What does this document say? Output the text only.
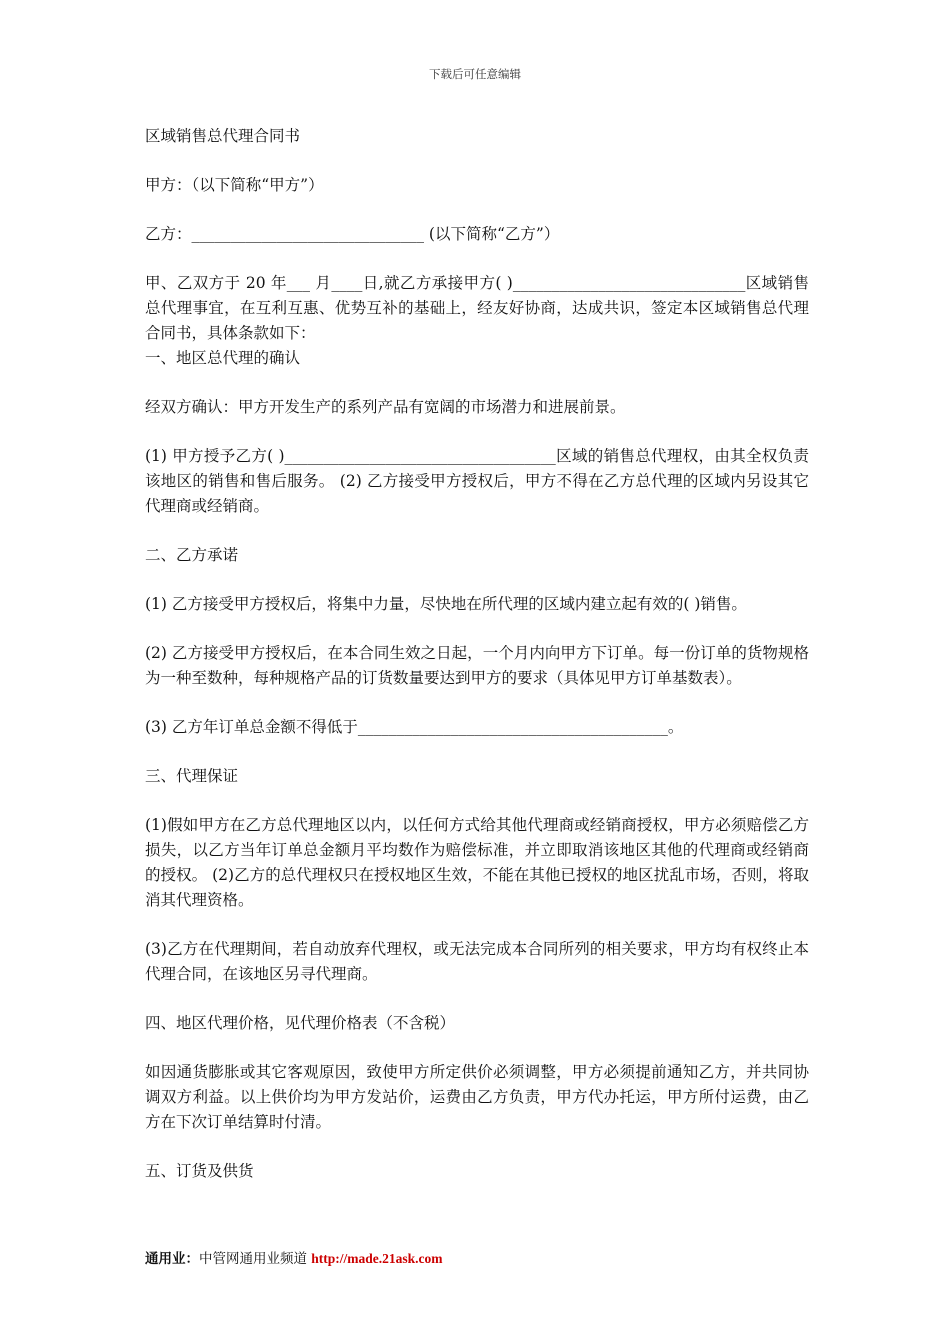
下载后可任意编辑

区域销售总代理合同书

甲方：（以下简称“甲方”）

乙方：______________________________ (以下简称“乙方”）

甲、乙双方于 20 年___ 月____日,就乙方承接甲方( )______________________________区域销售总代理事宜，在互利互惠、优势互补的基础上，经友好协商，达成共识，签定本区域销售总代理合同书，具体条款如下：

一、地区总代理的确认

经双方确认：甲方开发生产的系列产品有宽阔的市场潜力和进展前景。

(1) 甲方授予乙方( )___________________________________区域的销售总代理权，由其全权负责该地区的销售和售后服务。 (2) 乙方接受甲方授权后，甲方不得在乙方总代理的区域内另设其它代理商或经销商。

二、乙方承诺

(1) 乙方接受甲方授权后，将集中力量，尽快地在所代理的区域内建立起有效的( )销售。

(2) 乙方接受甲方授权后，在本合同生效之日起，一个月内向甲方下订单。每一份订单的货物规格为一种至数种，每种规格产品的订货数量要达到甲方的要求（具体见甲方订单基数表）。

(3) 乙方年订单总金额不得低于________________________________________。

三、代理保证

(1)假如甲方在乙方总代理地区以内，以任何方式给其他代理商或经销商授权，甲方必须赔偿乙方损失，以乙方当年订单总金额月平均数作为赔偿标准，并立即取消该地区其他的代理商或经销商的授权。 (2)乙方的总代理权只在授权地区生效，不能在其他已授权的地区扰乱市场，否则，将取消其代理资格。

(3)乙方在代理期间，若自动放弃代理权，或无法完成本合同所列的相关要求，甲方均有权终止本代理合同，在该地区另寻代理商。

四、地区代理价格，见代理价格表（不含税）

如因通货膨胀或其它客观原因，致使甲方所定供价必须调整，甲方必须提前通知乙方，并共同协调双方利益。以上供价均为甲方发站价，运费由乙方负责，甲方代办托运，甲方所付运费，由乙方在下次订单结算时付清。

五、订货及供货

通用业：中管网通用业频道 http://made.21ask.com
